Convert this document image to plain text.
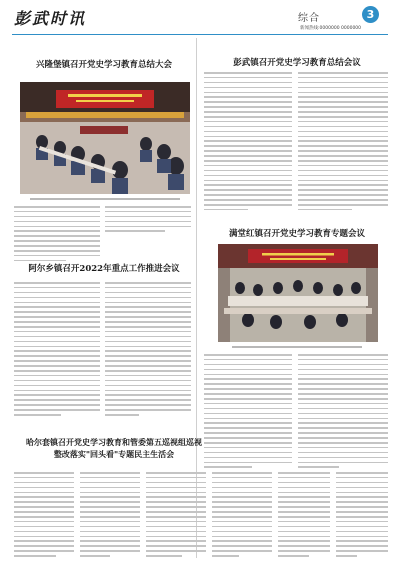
彭武时讯	综合	3
新闻热线:0000000 0000000
兴隆堡镇召开党史学习教育总结大会
阿尔乡镇召开2022年重点工作推进会议
哈尔套镇召开党史学习教育和管委第五巡视组巡视
整改落实"回头看"专题民主生活会
彭武镇召开党史学习教育总结会议
满堂红镇召开党史学习教育专题会议
